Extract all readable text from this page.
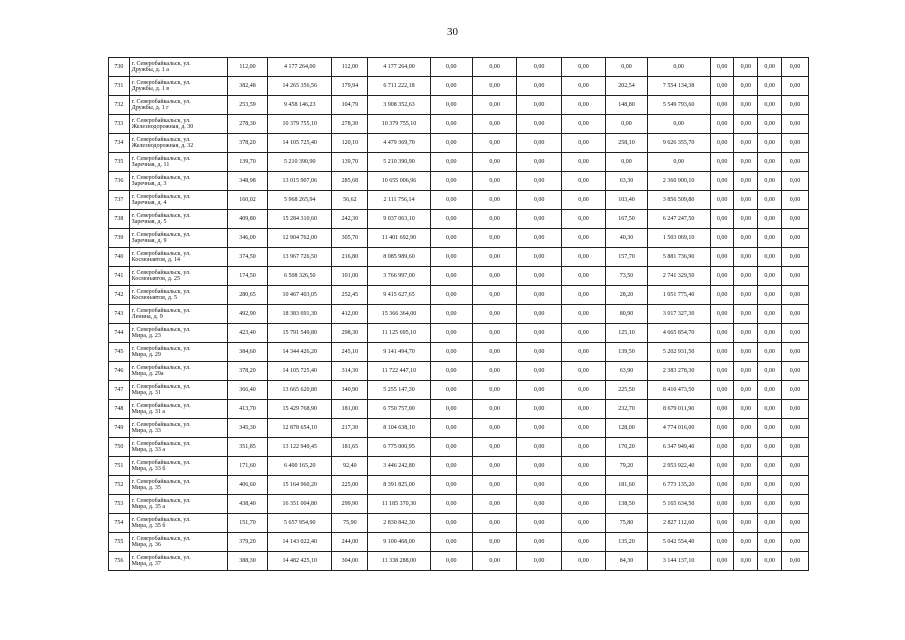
30
730	г. Северобайкальск, ул.
Дружбы, д. 1 а	112,00	4 177 264,00	112,00	4 177 264,00	0,00	0,00	0,00	0,00	0,00	0,00	0,00	0,00	0,00	0,00
731	г. Северобайкальск, ул.
Дружбы, д. 1 в	382,48	14 265 356,56	179,94	6 711 222,18	0,00	0,00	0,00	0,00	202,54	7 554 134,38	0,00	0,00	0,00	0,00
732	г. Северобайкальск, ул.
Дружбы, д. 1 г	253,59	9 458 146,23	104,79	3 908 352,63	0,00	0,00	0,00	0,00	148,80	5 549 793,60	0,00	0,00	0,00	0,00
733	г. Северобайкальск, ул.
Железнодорожная, д. 30	278,30	10 379 755,10	278,30	10 379 755,10	0,00	0,00	0,00	0,00	0,00	0,00	0,00	0,00	0,00	0,00
734	г. Северобайкальск, ул.
Железнодорожная, д. 32	378,20	14 105 725,40	120,10	4 479 369,70	0,00	0,00	0,00	0,00	258,10	9 626 355,70	0,00	0,00	0,00	0,00
735	г. Северобайкальск, ул.
Заречная, д. 11	139,70	5 210 390,90	139,70	5 210 390,90	0,00	0,00	0,00	0,00	0,00	0,00	0,00	0,00	0,00	0,00
736	г. Северобайкальск, ул.
Заречная, д. 3	348,98	13 015 907,06	285,68	10 655 006,96	0,00	0,00	0,00	0,00	63,30	2 360 900,10	0,00	0,00	0,00	0,00
737	г. Северобайкальск, ул.
Заречная, д. 4	160,02	5 968 265,94	56,62	2 111 756,14	0,00	0,00	0,00	0,00	103,40	3 856 509,80	0,00	0,00	0,00	0,00
738	г. Северобайкальск, ул.
Заречная, д. 5	409,80	15 284 310,60	242,30	9 037 063,10	0,00	0,00	0,00	0,00	167,50	6 247 247,50	0,00	0,00	0,00	0,00
739	г. Северобайкальск, ул.
Заречная, д. 9	346,00	12 904 762,00	305,70	11 401 692,90	0,00	0,00	0,00	0,00	40,30	1 503 069,10	0,00	0,00	0,00	0,00
740	г. Северобайкальск, ул.
Космонавтов, д. 14	374,50	13 967 726,50	216,80	8 085 989,60	0,00	0,00	0,00	0,00	157,70	5 881 736,90	0,00	0,00	0,00	0,00
741	г. Северобайкальск, ул.
Космонавтов, д. 25	174,50	6 508 326,50	101,00	3 766 997,00	0,00	0,00	0,00	0,00	73,50	2 741 329,50	0,00	0,00	0,00	0,00
742	г. Северобайкальск, ул.
Космонавтов, д. 5	280,65	10 467 403,05	252,45	9 415 627,65	0,00	0,00	0,00	0,00	28,20	1 051 775,40	0,00	0,00	0,00	0,00
743	г. Северобайкальск, ул.
Ленина, д. 9	492,90	18 383 691,30	412,00	15 366 364,00	0,00	0,00	0,00	0,00	80,90	3 017 327,30	0,00	0,00	0,00	0,00
744	г. Северобайкальск, ул.
Мира, д. 23	423,40	15 791 549,80	298,30	11 125 695,10	0,00	0,00	0,00	0,00	125,10	4 665 854,70	0,00	0,00	0,00	0,00
745	г. Северобайкальск, ул.
Мира, д. 29	384,60	14 344 426,20	245,10	9 141 494,70	0,00	0,00	0,00	0,00	139,50	5 202 931,50	0,00	0,00	0,00	0,00
746	г. Северобайкальск, ул.
Мира, д. 29а	378,20	14 105 725,40	314,30	11 722 447,10	0,00	0,00	0,00	0,00	63,90	2 383 278,30	0,00	0,00	0,00	0,00
747	г. Северобайкальск, ул.
Мира, д. 31	366,40	13 665 620,80	140,90	5 255 147,30	0,00	0,00	0,00	0,00	225,50	8 410 473,50	0,00	0,00	0,00	0,00
748	г. Северобайкальск, ул.
Мира, д. 31 а	413,70	15 429 768,90	181,00	6 750 757,00	0,00	0,00	0,00	0,00	232,70	8 679 011,90	0,00	0,00	0,00	0,00
749	г. Северобайкальск, ул.
Мира, д. 33	345,30	12 878 654,10	217,30	8 104 638,10	0,00	0,00	0,00	0,00	128,00	4 774 016,00	0,00	0,00	0,00	0,00
750	г. Северобайкальск, ул.
Мира, д. 33 а	351,85	13 122 949,45	181,65	6 775 000,95	0,00	0,00	0,00	0,00	170,20	6 347 949,40	0,00	0,00	0,00	0,00
751	г. Северобайкальск, ул.
Мира, д. 33 б	171,60	6 400 165,20	92,40	3 446 242,80	0,00	0,00	0,00	0,00	79,20	2 953 922,40	0,00	0,00	0,00	0,00
752	г. Северобайкальск, ул.
Мира, д. 35	406,60	15 164 960,20	225,00	8 391 825,00	0,00	0,00	0,00	0,00	181,60	6 773 135,20	0,00	0,00	0,00	0,00
753	г. Северобайкальск, ул.
Мира, д. 35 а	438,40	16 351 004,80	299,90	11 185 370,30	0,00	0,00	0,00	0,00	138,50	5 165 634,50	0,00	0,00	0,00	0,00
754	г. Северобайкальск, ул.
Мира, д. 35 б	151,70	5 657 954,90	75,90	2 830 842,30	0,00	0,00	0,00	0,00	75,80	2 827 112,60	0,00	0,00	0,00	0,00
755	г. Северобайкальск, ул.
Мира, д. 36	379,20	14 143 022,40	244,00	9 100 468,00	0,00	0,00	0,00	0,00	135,20	5 042 554,40	0,00	0,00	0,00	0,00
756	г. Северобайкальск, ул.
Мира, д. 37	388,30	14 482 425,10	304,00	11 338 288,00	0,00	0,00	0,00	0,00	84,30	3 144 137,10	0,00	0,00	0,00	0,00
